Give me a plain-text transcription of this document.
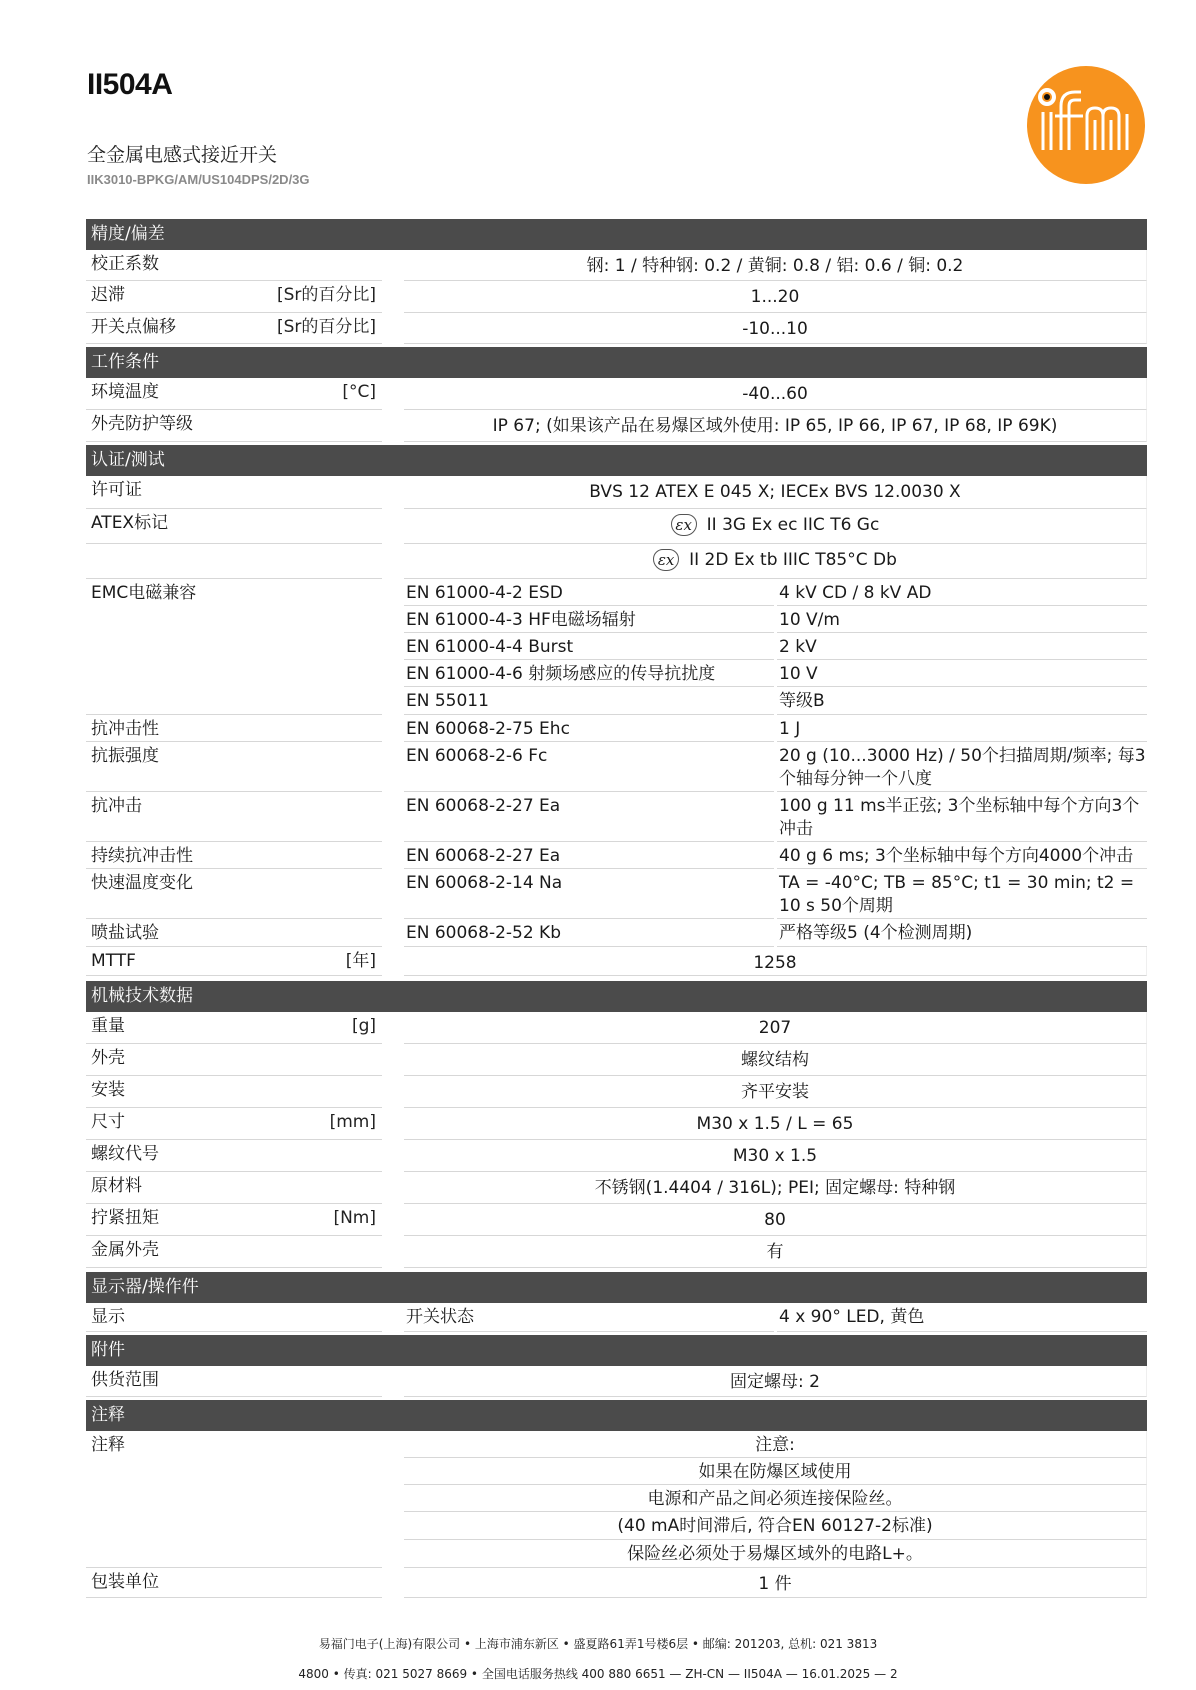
II504A
全金属电感式接近开关
IIK3010-BPKG/AM/US104DPS/2D/3G
精度/偏差
校正系数	钢: 1 / 特种钢: 0.2 / 黄铜: 0.8 / 铝: 0.6 / 铜: 0.2
迟滞	[Sr的百分比]	1...20
开关点偏移	[Sr的百分比]	-10...10
工作条件
环境温度	[°C]	-40...60
外壳防护等级	IP 67; (如果该产品在易爆区域外使用: IP 65, IP 66, IP 67, IP 68, IP 69K)
认证/测试
许可证	BVS 12 ATEX E 045 X; IECEx BVS 12.0030 X
ATEX标记	εx II 3G Ex ec IIC T6 Gc
εx II 2D Ex tb IIIC T85°C Db
EMC电磁兼容	EN 61000-4-2 ESD	4 kV CD / 8 kV AD
EN 61000-4-3 HF电磁场辐射	10 V/m
EN 61000-4-4 Burst	2 kV
EN 61000-4-6 射频场感应的传导抗扰度	10 V
EN 55011	等级B
抗冲击性	EN 60068-2-75 Ehc	1 J
抗振强度	EN 60068-2-6 Fc	20 g (10...3000 Hz) / 50个扫描周期/频率; 每3个轴每分钟一个八度
抗冲击	EN 60068-2-27 Ea	100 g 11 ms半正弦; 3个坐标轴中每个方向3个冲击
持续抗冲击性	EN 60068-2-27 Ea	40 g 6 ms; 3个坐标轴中每个方向4000个冲击
快速温度变化	EN 60068-2-14 Na	TA = -40°C; TB = 85°C; t1 = 30 min; t2 = 10 s 50个周期
喷盐试验	EN 60068-2-52 Kb	严格等级5 (4个检测周期)
MTTF	[年]	1258
机械技术数据
重量	[g]	207
外壳	螺纹结构
安装	齐平安装
尺寸	[mm]	M30 x 1.5 / L = 65
螺纹代号	M30 x 1.5
原材料	不锈钢(1.4404 / 316L); PEI; 固定螺母: 特种钢
拧紧扭矩	[Nm]	80
金属外壳	有
显示器/操作件
显示	开关状态	4 x 90° LED, 黄色
附件
供货范围	固定螺母: 2
注释
注释	注意:
如果在防爆区域使用
电源和产品之间必须连接保险丝。
(40 mA时间滞后, 符合EN 60127-2标准)
保险丝必须处于易爆区域外的电路L+。
包装单位	1 件
易福门电子(上海)有限公司 • 上海市浦东新区 • 盛夏路61弄1号楼6层 • 邮编: 201203, 总机: 021 3813
4800 • 传真: 021 5027 8669 • 全国电话服务热线 400 880 6651 — ZH-CN — II504A — 16.01.2025 — 2
